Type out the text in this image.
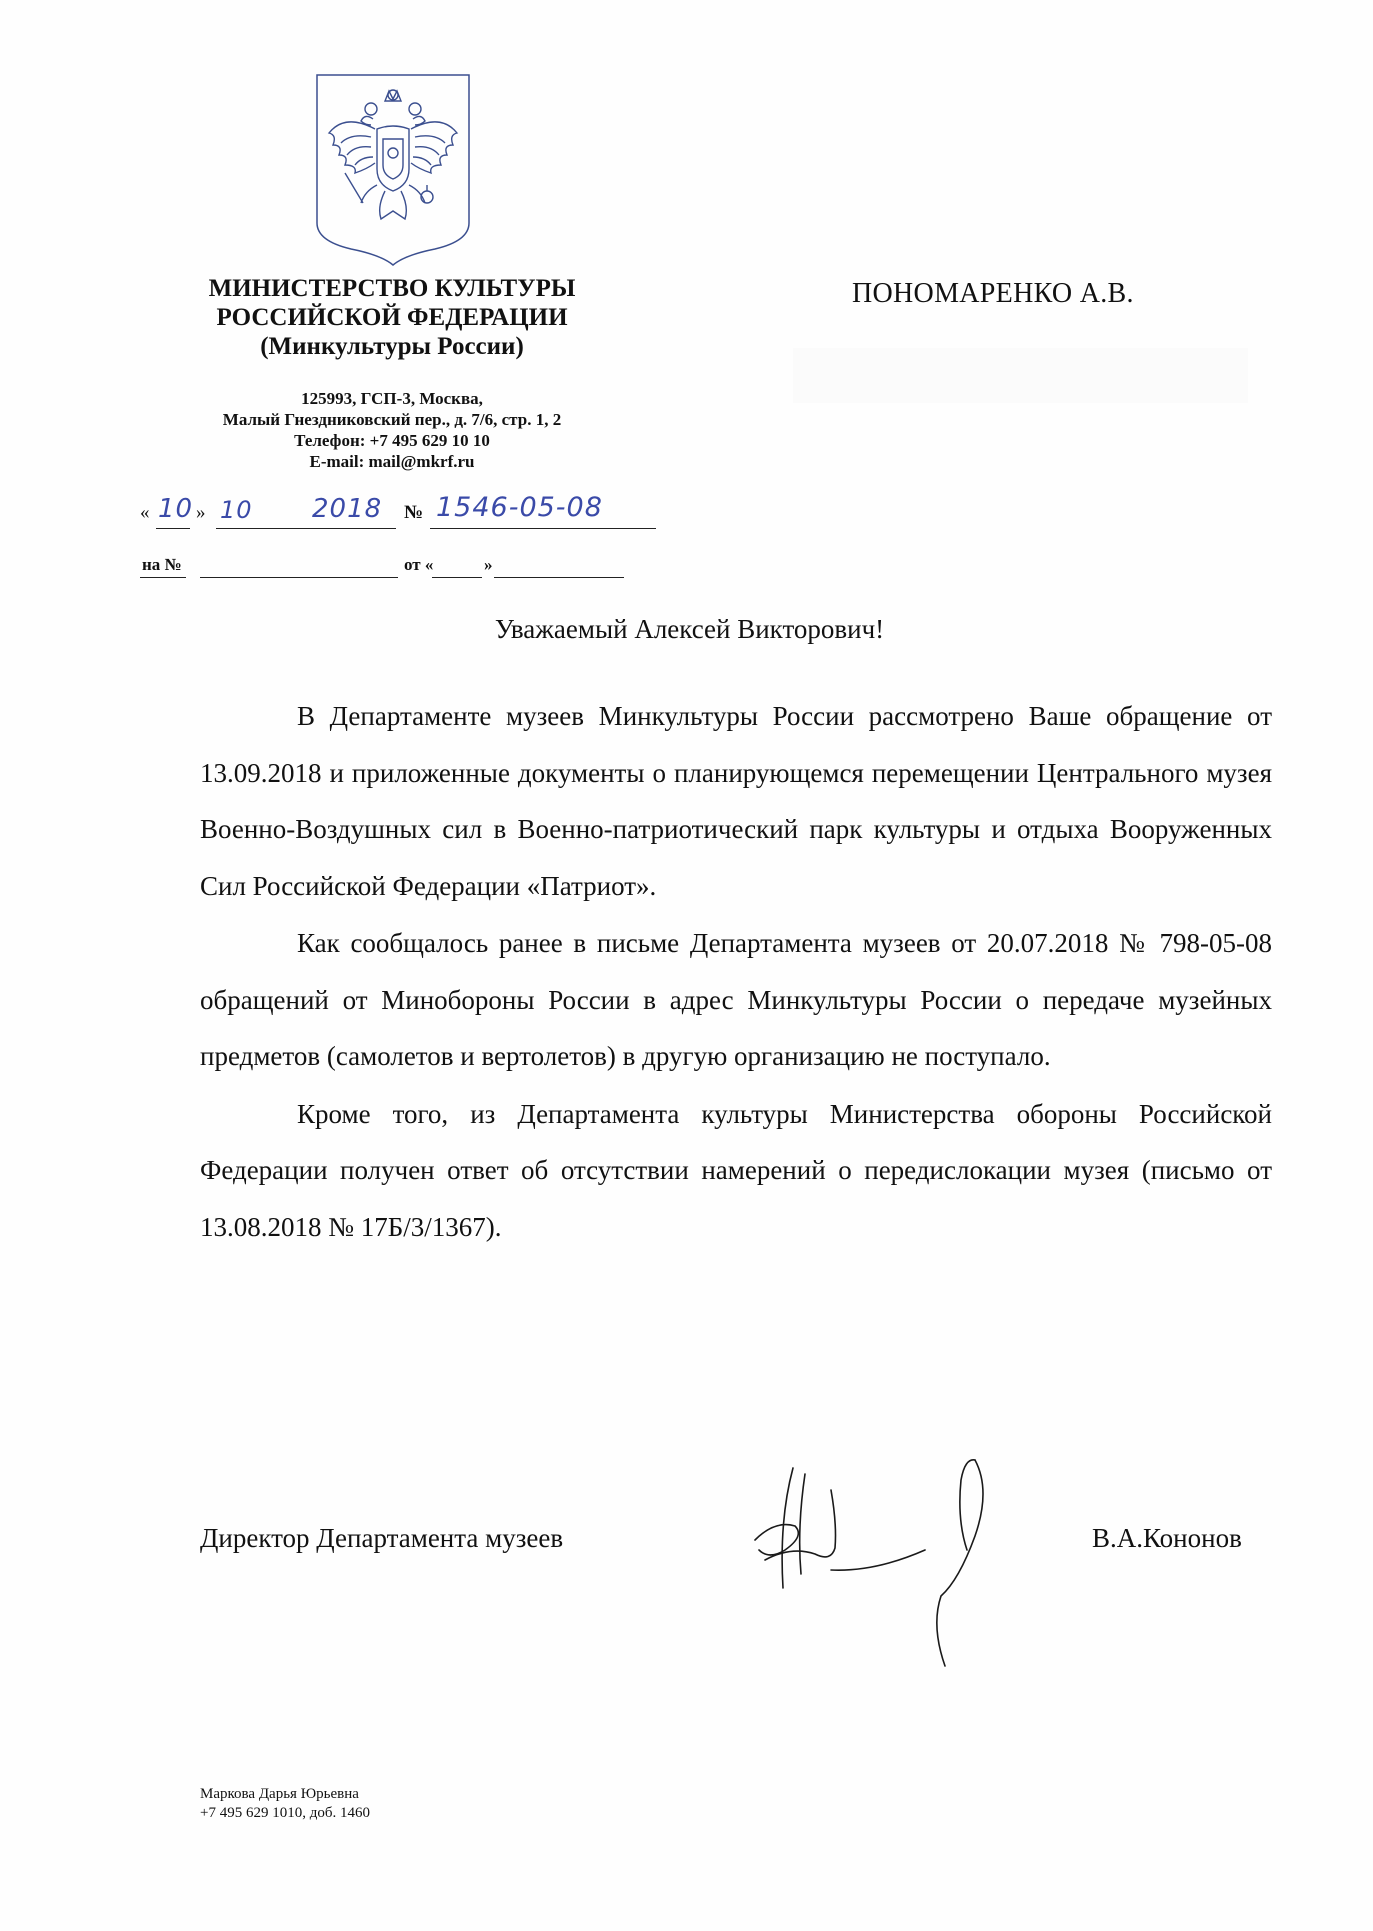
МИНИСТЕРСТВО КУЛЬТУРЫ
РОССИЙСКОЙ ФЕДЕРАЦИИ
(Минкультуры России)
125993, ГСП-3, Москва,
Малый Гнездниковский пер., д. 7/6, стр. 1, 2
Телефон: +7 495 629 10 10
E-mail: mail@mkrf.ru
« 10 » 10 2018 № 1546-05-08
на №	от «	»
ПОНОМАРЕНКО А.В.
Уважаемый Алексей Викторович!

В Департаменте музеев Минкультуры России рассмотрено Ваше обращение от 13.09.2018 и приложенные документы о планирующемся перемещении Центрального музея Военно-Воздушных сил в Военно-патриотический парк культуры и отдыха Вооруженных Сил Российской Федерации «Патриот».

Как сообщалось ранее в письме Департамента музеев от 20.07.2018 № 798-05-08 обращений от Минобороны России в адрес Минкультуры России о передаче музейных предметов (самолетов и вертолетов) в другую организацию не поступало.

Кроме того, из Департамента культуры Министерства обороны Российской Федерации получен ответ об отсутствии намерений о передислокации музея (письмо от 13.08.2018 № 17Б/3/1367).

Директор Департамента музеев	В.А.Кононов
Маркова Дарья Юрьевна
+7 495 629 1010, доб. 1460
